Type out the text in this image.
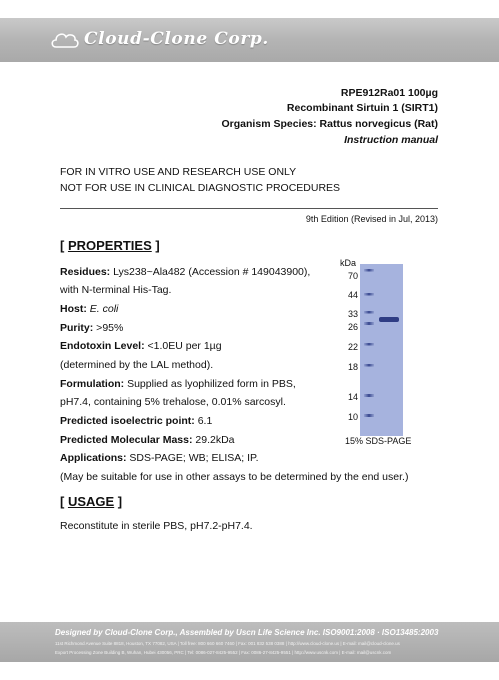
Cloud-Clone Corp.
RPE912Ra01 100µg
Recombinant Sirtuin 1 (SIRT1)
Organism Species: Rattus norvegicus (Rat)
Instruction manual
FOR IN VITRO USE AND RESEARCH USE ONLY
NOT FOR USE IN CLINICAL DIAGNOSTIC PROCEDURES
9th Edition (Revised in Jul, 2013)
[ PROPERTIES ]
Residues: Lys238~Ala482 (Accession # 149043900),
with N-terminal His-Tag.
Host: E. coli
Purity: >95%
Endotoxin Level: <1.0EU per 1µg
(determined by the LAL method).
Formulation: Supplied as lyophilized form in PBS,
pH7.4, containing 5% trehalose, 0.01% sarcosyl.
Predicted isoelectric point: 6.1
Predicted Molecular Mass: 29.2kDa
Applications: SDS-PAGE; WB; ELISA; IP.
(May be suitable for use in other assays to be determined by the end user.)
kDa
70
44
33
26
22
18
14
10
15% SDS-PAGE
[ USAGE ]
Reconstitute in sterile PBS, pH7.2-pH7.4.
Designed by Cloud-Clone Corp., Assembled by Uscn Life Science Inc. ISO9001:2008 · ISO13485:2003
11st Richmond Avenue Suite 8818, Houston, TX 77082, USA | Toll free: 800 660 660 7460 | Fax: 001 832 538 0388 | http://www.cloud-clone.us | E-mail: mail@cloud-clone.us
Export Processing Zone Building B, Wuhan, Hubei 430056, PRC | Tel: 0086-027-8425-9552 | Fax: 0086-27-8425-9551 | http://www.uscnk.com | E-mail: mail@uscnk.com
